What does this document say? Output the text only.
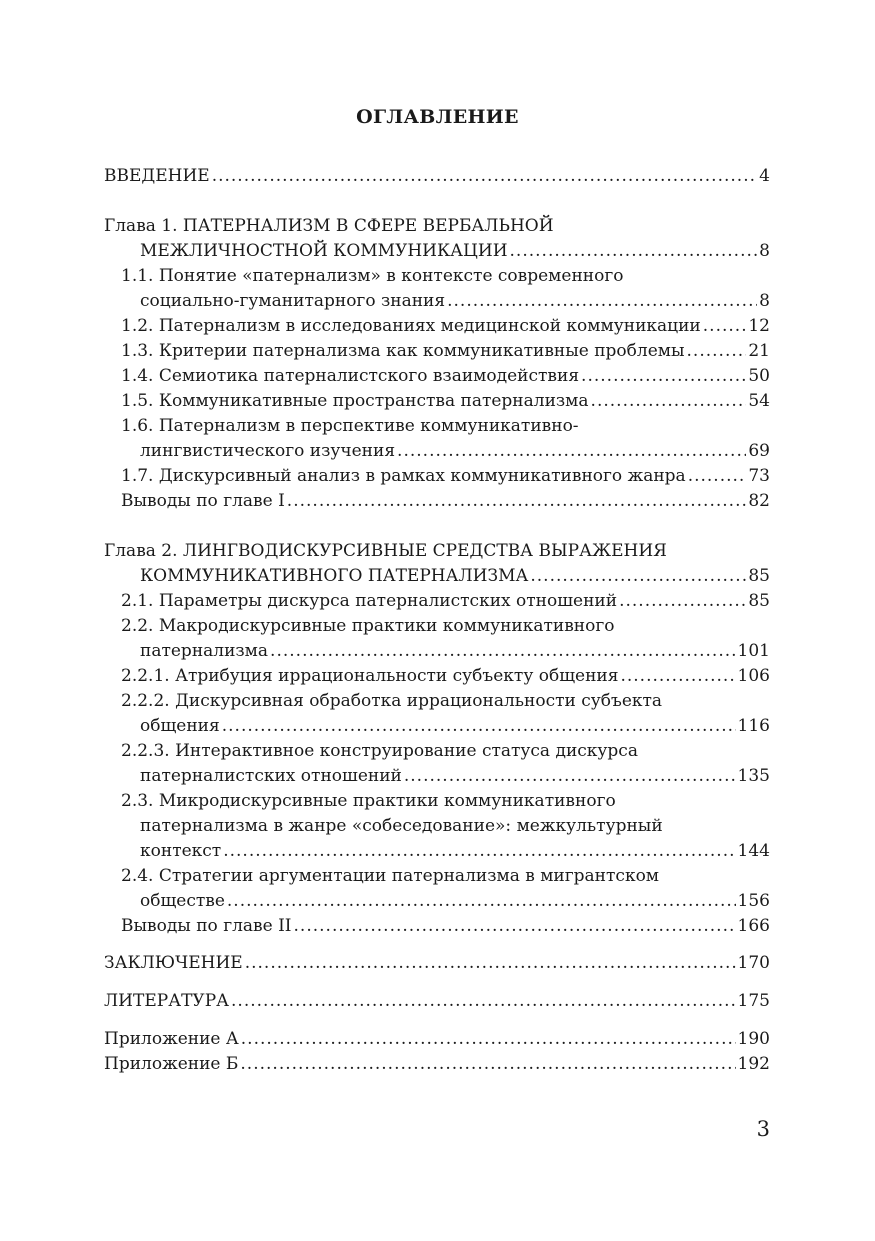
ОГЛАВЛЕНИЕ
ВВЕДЕНИЕ .....	4
Глава 1. ПАТЕРНАЛИЗМ В СФЕРЕ ВЕРБАЛЬНОЙ
МЕЖЛИЧНОСТНОЙ КОММУНИКАЦИИ .....	8
1.1. Понятие «патернализм» в контексте современного
социально-гуманитарного знания .....	8
1.2. Патернализм в исследованиях медицинской коммуникации .....	12
1.3. Критерии патернализма как коммуникативные проблемы .....	21
1.4. Семиотика патерналистского взаимодействия .....	50
1.5. Коммуникативные пространства патернализма .....	54
1.6. Патернализм в перспективе коммуникативно-
лингвистического изучения .....	69
1.7. Дискурсивный анализ в рамках коммуникативного жанра .....	73
Выводы по главе I .....	82
Глава 2. ЛИНГВОДИСКУРСИВНЫЕ СРЕДСТВА ВЫРАЖЕНИЯ
КОММУНИКАТИВНОГО ПАТЕРНАЛИЗМА .....	85
2.1. Параметры дискурса патерналистских отношений .....	85
2.2. Макродискурсивные практики коммуникативного
патернализма .....	101
2.2.1. Атрибуция иррациональности субъекту общения .....	106
2.2.2. Дискурсивная обработка иррациональности субъекта
общения .....	116
2.2.3. Интерактивное конструирование статуса дискурса
патерналистских отношений .....	135
2.3. Микродискурсивные практики коммуникативного
патернализма в жанре «собеседование»: межкультурный
контекст .....	144
2.4. Стратегии аргументации патернализма в мигрантском
обществе .....	156
Выводы по главе II .....	166
ЗАКЛЮЧЕНИЕ .....	170
ЛИТЕРАТУРА .....	175
Приложение А .....	190
Приложение Б .....	192
3
